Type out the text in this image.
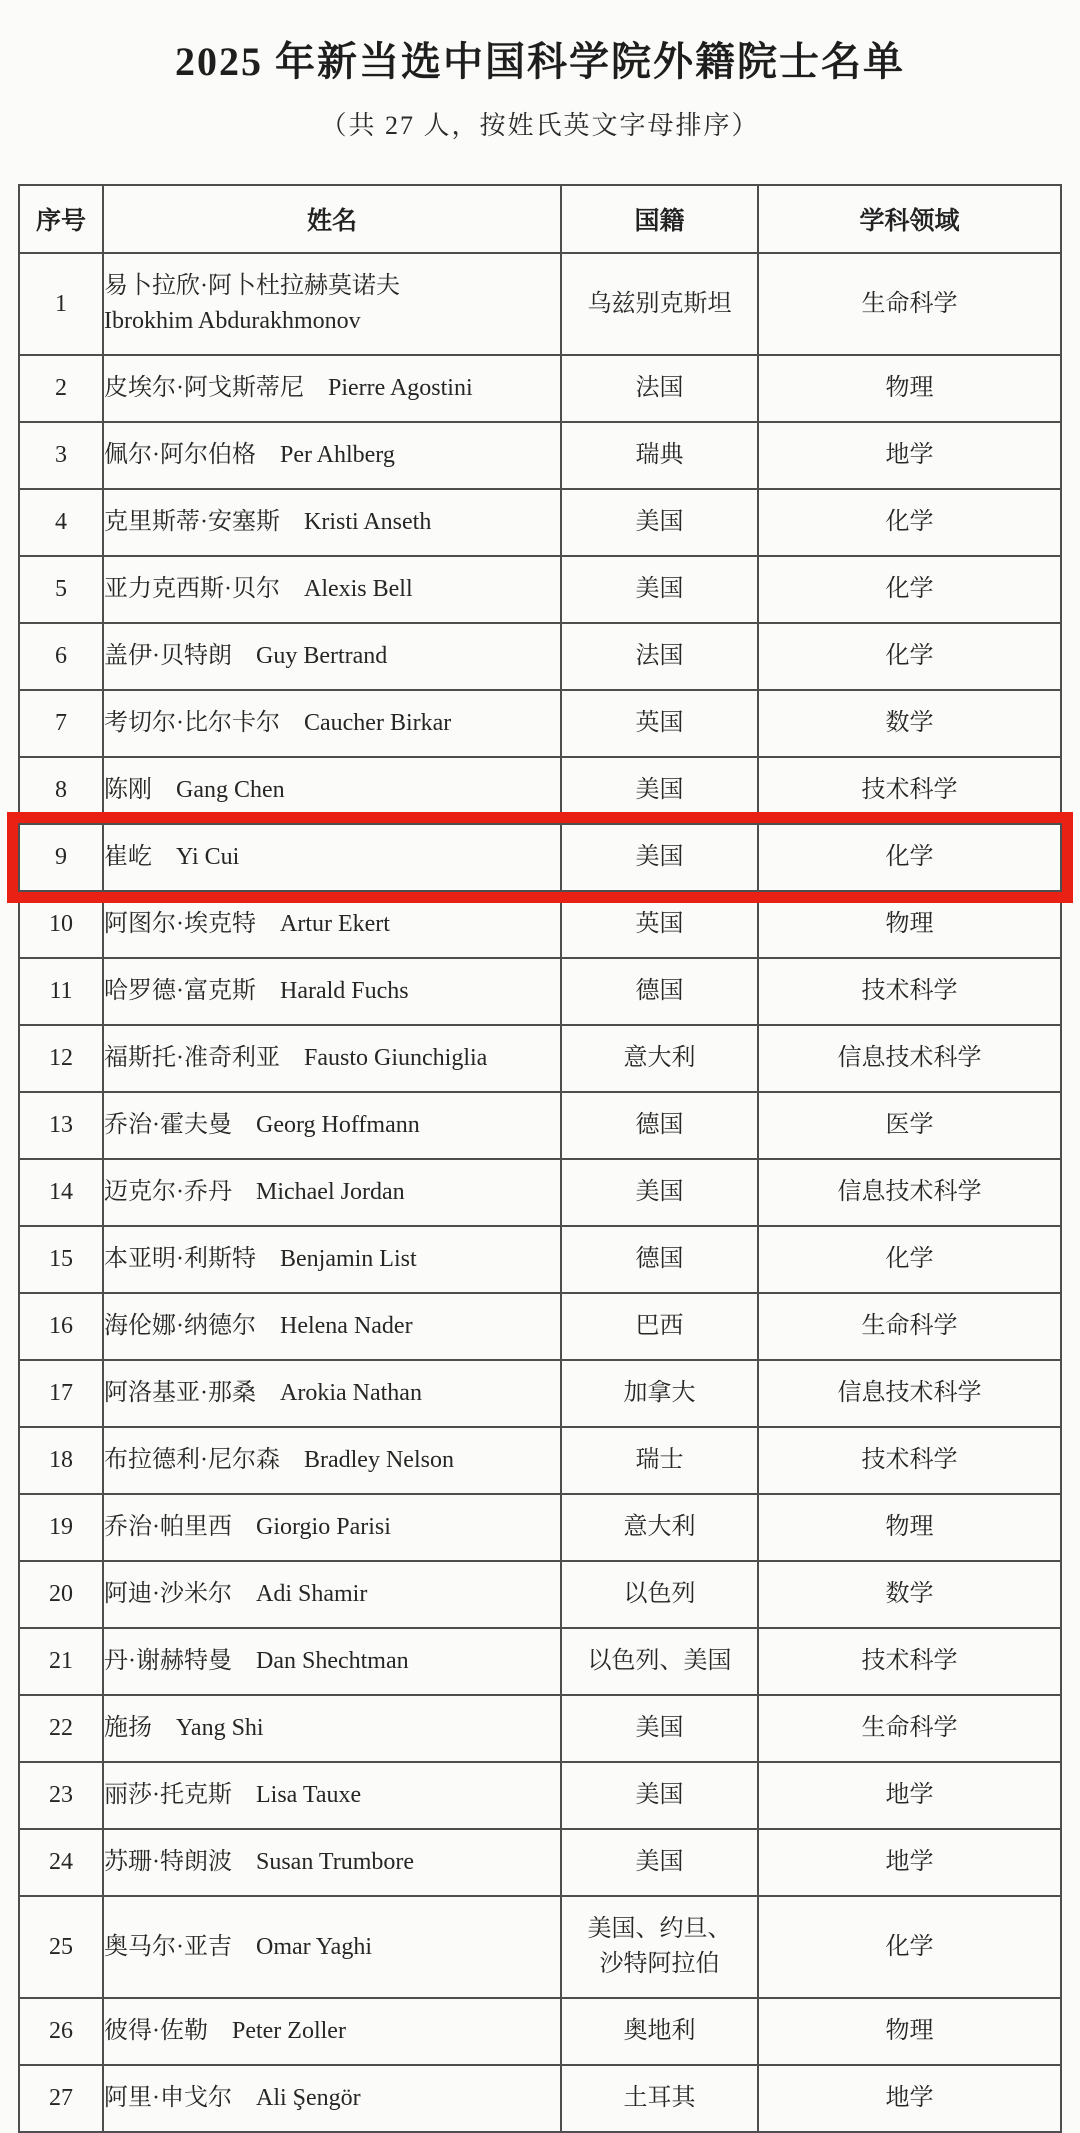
2025 年新当选中国科学院外籍院士名单
（共 27 人，按姓氏英文字母排序）
序号	姓名	国籍	学科领域
1	易卜拉欣·阿卜杜拉赫莫诺夫
Ibrokhim Abdurakhmonov	乌兹别克斯坦	生命科学
2	皮埃尔·阿戈斯蒂尼  Pierre Agostini	法国	物理
3	佩尔·阿尔伯格  Per Ahlberg	瑞典	地学
4	克里斯蒂·安塞斯  Kristi Anseth	美国	化学
5	亚力克西斯·贝尔  Alexis Bell	美国	化学
6	盖伊·贝特朗  Guy Bertrand	法国	化学
7	考切尔·比尔卡尔  Caucher Birkar	英国	数学
8	陈刚  Gang Chen	美国	技术科学
9	崔屹  Yi Cui	美国	化学
10	阿图尔·埃克特  Artur Ekert	英国	物理
11	哈罗德·富克斯  Harald Fuchs	德国	技术科学
12	福斯托·准奇利亚  Fausto Giunchiglia	意大利	信息技术科学
13	乔治·霍夫曼  Georg Hoffmann	德国	医学
14	迈克尔·乔丹  Michael Jordan	美国	信息技术科学
15	本亚明·利斯特  Benjamin List	德国	化学
16	海伦娜·纳德尔  Helena Nader	巴西	生命科学
17	阿洛基亚·那桑  Arokia Nathan	加拿大	信息技术科学
18	布拉德利·尼尔森  Bradley Nelson	瑞士	技术科学
19	乔治·帕里西  Giorgio Parisi	意大利	物理
20	阿迪·沙米尔  Adi Shamir	以色列	数学
21	丹·谢赫特曼  Dan Shechtman	以色列、美国	技术科学
22	施扬  Yang Shi	美国	生命科学
23	丽莎·托克斯  Lisa Tauxe	美国	地学
24	苏珊·特朗波  Susan Trumbore	美国	地学
25	奥马尔·亚吉  Omar Yaghi	美国、约旦、
沙特阿拉伯	化学
26	彼得·佐勒  Peter Zoller	奥地利	物理
27	阿里·申戈尔  Ali Şengör	土耳其	地学
